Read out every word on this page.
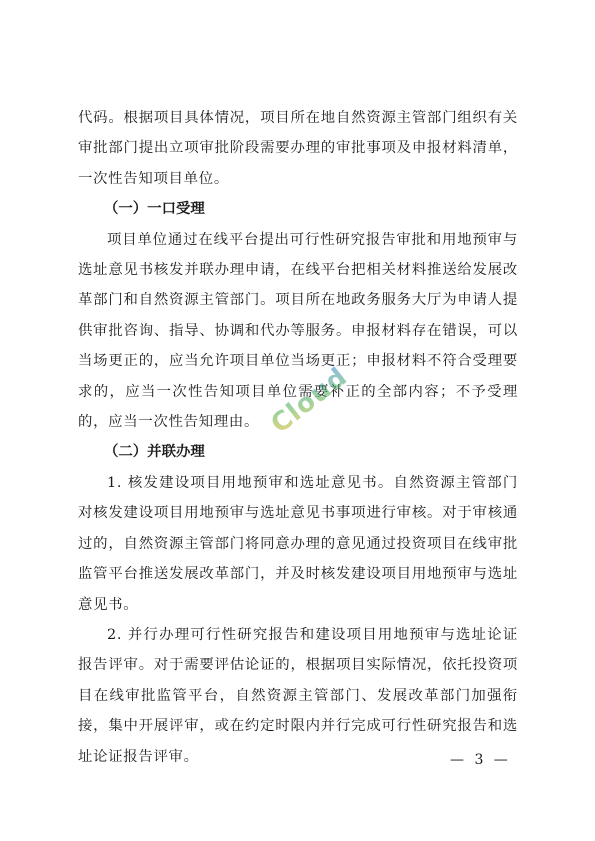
代码。根据项目具体情况，项目所在地自然资源主管部门组织有关审批部门提出立项审批阶段需要办理的审批事项及申报材料清单，一次性告知项目单位。

（一）一口受理

项目单位通过在线平台提出可行性研究报告审批和用地预审与选址意见书核发并联办理申请，在线平台把相关材料推送给发展改革部门和自然资源主管部门。项目所在地政务服务大厅为申请人提供审批咨询、指导、协调和代办等服务。申报材料存在错误，可以当场更正的，应当允许项目单位当场更正；申报材料不符合受理要求的，应当一次性告知项目单位需要补正的全部内容；不予受理的，应当一次性告知理由。

（二）并联办理

1. 核发建设项目用地预审和选址意见书。自然资源主管部门对核发建设项目用地预审与选址意见书事项进行审核。对于审核通过的，自然资源主管部门将同意办理的意见通过投资项目在线审批监管平台推送发展改革部门，并及时核发建设项目用地预审与选址意见书。

2. 并行办理可行性研究报告和建设项目用地预审与选址论证报告评审。对于需要评估论证的，根据项目实际情况，依托投资项目在线审批监管平台，自然资源主管部门、发展改革部门加强衔接，集中开展评审，或在约定时限内并行完成可行性研究报告和选址论证报告评审。

Cloud
— 3 —
